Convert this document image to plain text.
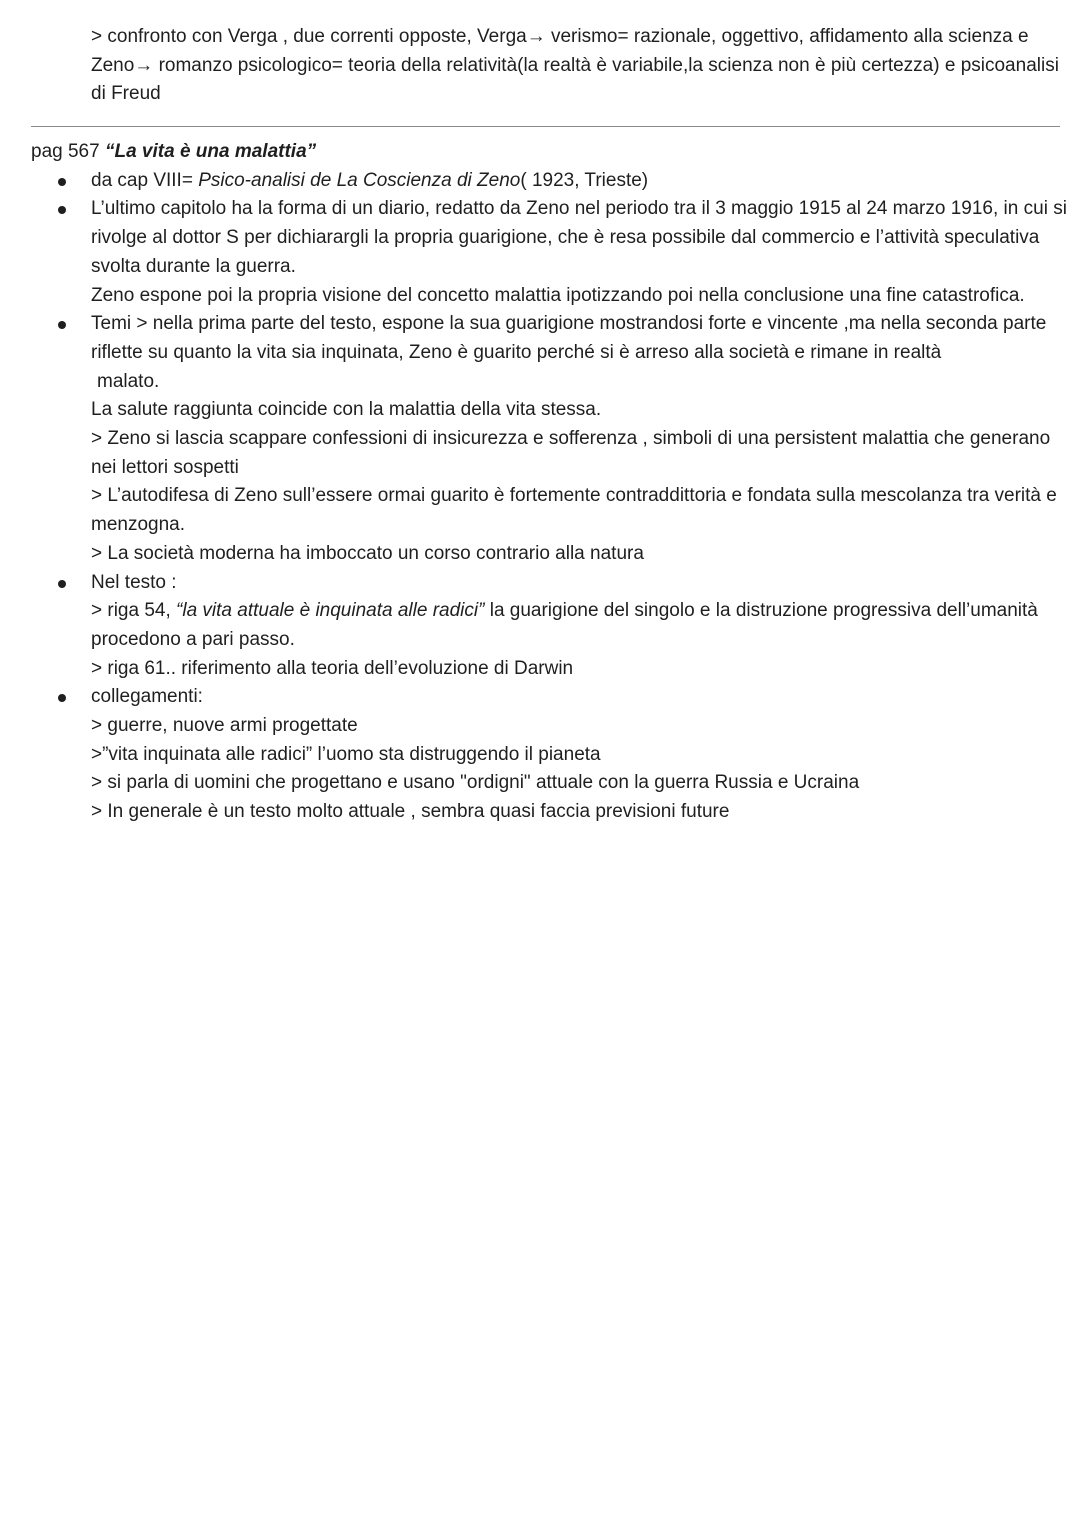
> confronto con Verga , due correnti opposte, Verga→ verismo= razionale, oggettivo, affidamento alla scienza e Zeno→ romanzo psicologico= teoria della relatività(la realtà è variabile,la scienza non è più certezza) e psicoanalisi di Freud

pag 567 “La vita è una malattia”

da cap VIII= Psico-analisi de La Coscienza di Zeno( 1923, Trieste)
L’ultimo capitolo ha la forma di un diario, redatto da Zeno nel periodo tra il 3 maggio 1915 al 24 marzo 1916, in cui si rivolge al dottor S per dichiarargli la propria guarigione, che è resa possibile dal commercio e l’attività speculativa svolta durante la guerra.
Zeno espone poi la propria visione del concetto malattia ipotizzando poi nella conclusione una fine catastrofica.
Temi > nella prima parte del testo, espone la sua guarigione mostrandosi forte e vincente ,ma nella seconda parte riflette su quanto la vita sia inquinata, Zeno è guarito perché si è arreso alla società e rimane in realtà
malato.
La salute raggiunta coincide con la malattia della vita stessa.
> Zeno si lascia scappare confessioni di insicurezza e sofferenza , simboli di una persistent malattia che generano nei lettori sospetti
> L’autodifesa di Zeno sull’essere ormai guarito è fortemente contraddittoria e fondata sulla mescolanza tra verità e menzogna.
> La società moderna ha imboccato un corso contrario alla natura
Nel testo :
> riga 54, “la vita attuale è inquinata alle radici” la guarigione del singolo e la distruzione progressiva dell’umanità procedono a pari passo.
> riga 61.. riferimento alla teoria dell’evoluzione di Darwin
collegamenti:
> guerre, nuove armi progettate
>”vita inquinata alle radici” l’uomo sta distruggendo il pianeta
> si parla di uomini che progettano e usano "ordigni" attuale con la guerra Russia e Ucraina
> In generale è un testo molto attuale , sembra quasi faccia previsioni future
